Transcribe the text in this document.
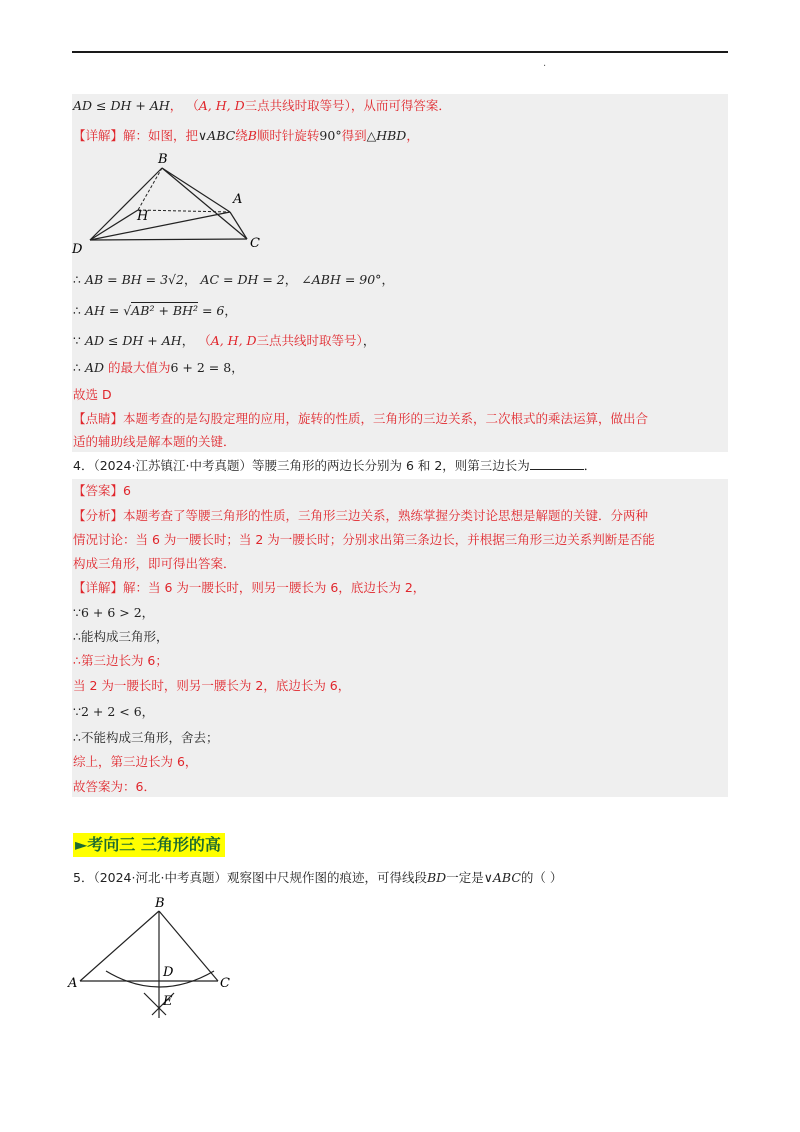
.
AD ≤ DH + AH， （A, H, D三点共线时取等号），从而可得答案．
【详解】解：如图，把∨ABC绕B顺时针旋转90°得到△HBD，
B
A
H
D	C
∴ AB = BH = 3√2， AC = DH = 2， ∠ABH = 90°，
∴ AH = √AB² + BH² = 6，
∵ AD ≤ DH + AH， （A, H, D三点共线时取等号），
∴ AD 的最大值为6 + 2 = 8，
故选 D
【点睛】本题考查的是勾股定理的应用，旋转的性质，三角形的三边关系，二次根式的乘法运算，做出合
适的辅助线是解本题的关键．
4．（2024·江苏镇江·中考真题）等腰三角形的两边长分别为 6 和 2，则第三边长为	．
【答案】6
【分析】本题考查了等腰三角形的性质，三角形三边关系，熟练掌握分类讨论思想是解题的关键．分两种
情况讨论：当 6 为一腰长时；当 2 为一腰长时；分别求出第三条边长，并根据三角形三边关系判断是否能
构成三角形，即可得出答案．
【详解】解：当 6 为一腰长时，则另一腰长为 6，底边长为 2，
∵6 + 6 > 2，
∴能构成三角形，
∴第三边长为 6；
当 2 为一腰长时，则另一腰长为 2，底边长为 6，
∵2 + 2 < 6，
∴不能构成三角形，舍去；
综上，第三边长为 6，
故答案为：6．
►考向三 三角形的高
5．（2024·河北·中考真题）观察图中尺规作图的痕迹，可得线段BD一定是∨ABC的（ ）
B
A
D
C
E
